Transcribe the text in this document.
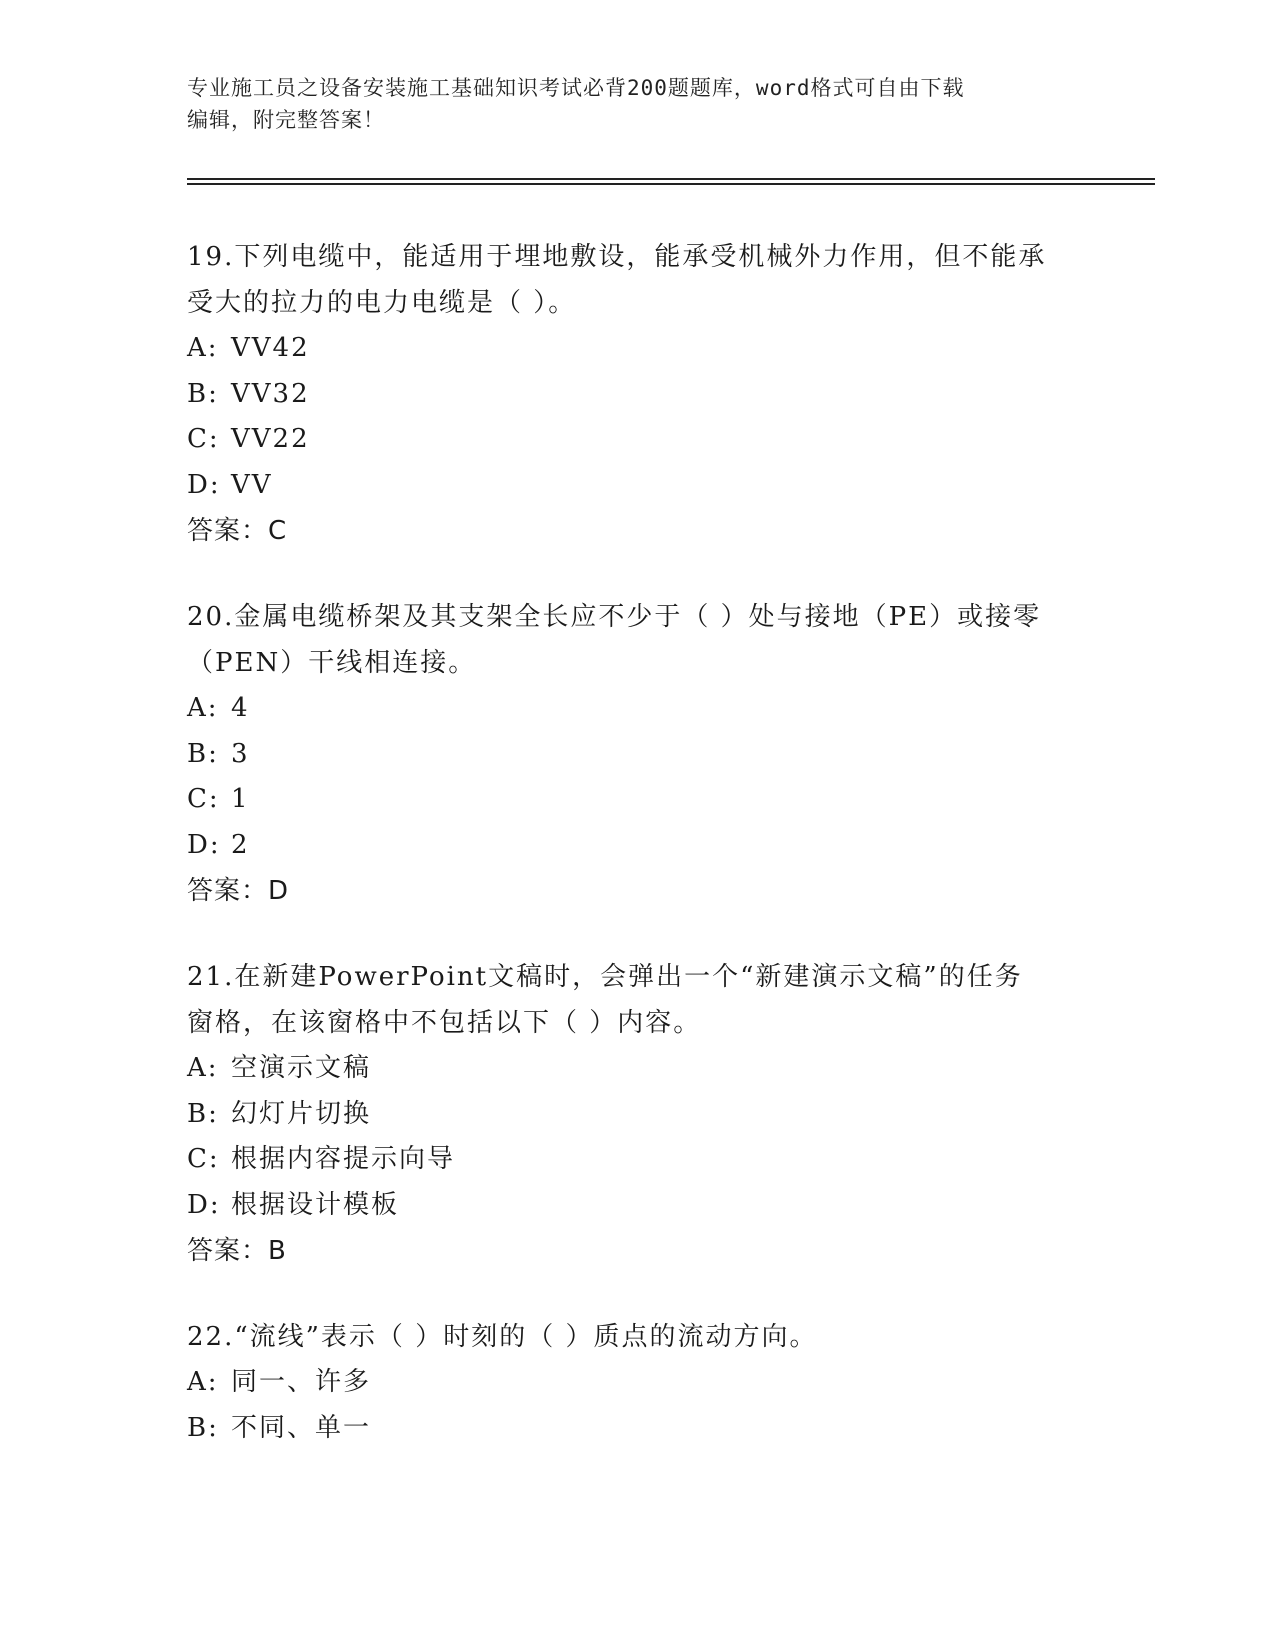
专业施工员之设备安装施工基础知识考试必背200题题库，word格式可自由下载
编辑，附完整答案！
19.下列电缆中，能适用于埋地敷设，能承受机械外力作用，但不能承
受大的拉力的电力电缆是（ ）。
A: VV42
B: VV32
C: VV22
D: VV
答案：C
20.金属电缆桥架及其支架全长应不少于（ ）处与接地（PE）或接零
（PEN）干线相连接。
A: 4
B: 3
C: 1
D: 2
答案：D
21.在新建PowerPoint文稿时，会弹出一个“新建演示文稿”的任务
窗格，在该窗格中不包括以下（ ）内容。
A: 空演示文稿
B: 幻灯片切换
C: 根据内容提示向导
D: 根据设计模板
答案：B
22.“流线”表示（ ）时刻的（ ）质点的流动方向。
A: 同一、许多
B: 不同、单一
